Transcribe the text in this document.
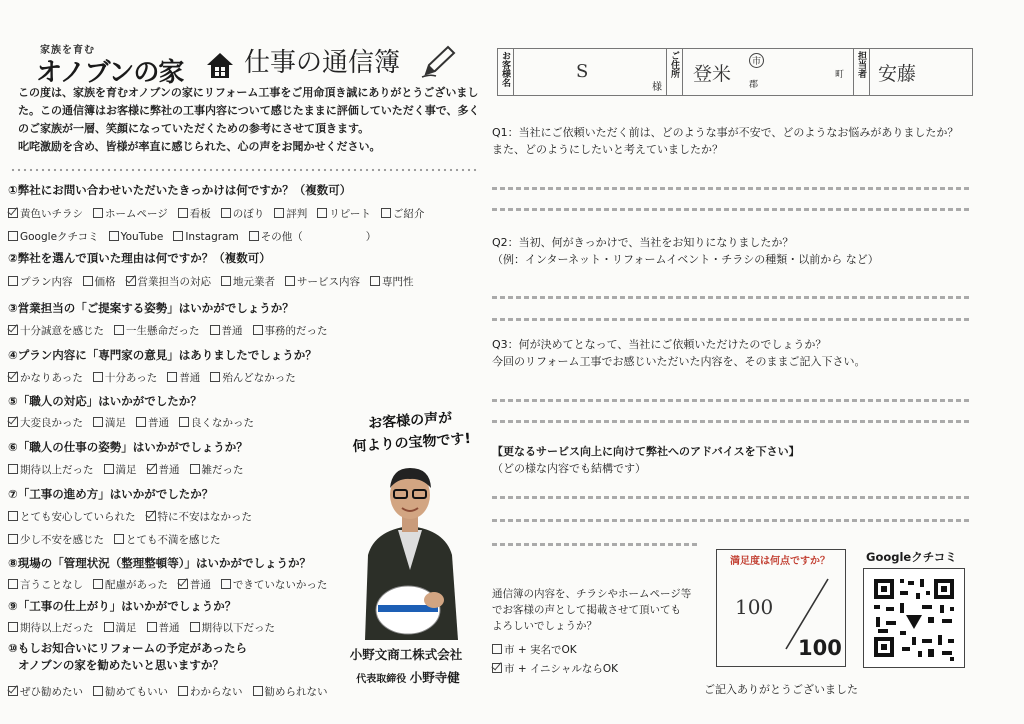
家族を育む
オノブンの家 仕事の通信簿
この度は、家族を育むオノブンの家にリフォーム工事をご用命頂き誠にありがとうございまし
た。この通信簿はお客様に弊社の工事内容について感じたままに評価していただく事で、多く
のご家族が一層、笑顔になっていただくための参考にさせて頂きます。
叱咤激励を含め、皆様が率直に感じられた、心の声をお聞かせください。
①弊社にお問い合わせいただいたきっかけは何ですか？（複数可）
黄色いチラシ ホームページ 看板 のぼり 評判 リピート ご紹介
Googleクチコミ YouTube Instagram その他（　　　　　　）
②弊社を選んで頂いた理由は何ですか？（複数可）
プラン内容 価格 営業担当の対応 地元業者 サービス内容 専門性
③営業担当の「ご提案する姿勢」はいかがでしょうか？
十分誠意を感じた 一生懸命だった 普通 事務的だった
④プラン内容に「専門家の意見」はありましたでしょうか？
かなりあった 十分あった 普通 殆んどなかった
⑤「職人の対応」はいかがでしたか？
大変良かった 満足 普通 良くなかった
⑥「職人の仕事の姿勢」はいかがでしょうか？
期待以上だった 満足 普通 雑だった
⑦「工事の進め方」はいかがでしたか？
とても安心していられた 特に不安はなかった
少し不安を感じた とても不満を感じた
⑧現場の「管理状況（整理整頓等）」はいかがでしょうか？
言うことなし 配慮があった 普通 できていないかった
⑨「工事の仕上がり」はいかがでしょうか？
期待以上だった 満足 普通 期待以下だった
⑩もしお知合いにリフォームの予定があったら
オノブンの家を勧めたいと思いますか？
ぜひ勧めたい 勧めてもいい わからない 勧められない
お客様の声が
何よりの宝物です!
小野文商工株式会社
代表取締役 小野寺健
お客様名	S
様
ご住所 登米
市
郡
町 担当者 安藤
Q1：当社にご依頼いただく前は、どのような事が不安で、どのようなお悩みがありましたか？
また、どのようにしたいと考えていましたか？
Q2：当初、何がきっかけで、当社をお知りになりましたか？
（例：インターネット・リフォームイベント・チラシの種類・以前から など）
Q3：何が決めてとなって、当社にご依頼いただけたのでしょうか？
今回のリフォーム工事でお感じいただいた内容を、そのままご記入下さい。
【更なるサービス向上に向けて弊社へのアドバイスを下さい】
（どの様な内容でも結構です）
満足度は何点ですか？
100
100
Googleクチコミ
通信簿の内容を、チラシやホームページ等
でお客様の声として掲載させて頂いても
よろしいでしょうか？
市 + 実名でOK
市 + イニシャルならOK
ご記入ありがとうございました
